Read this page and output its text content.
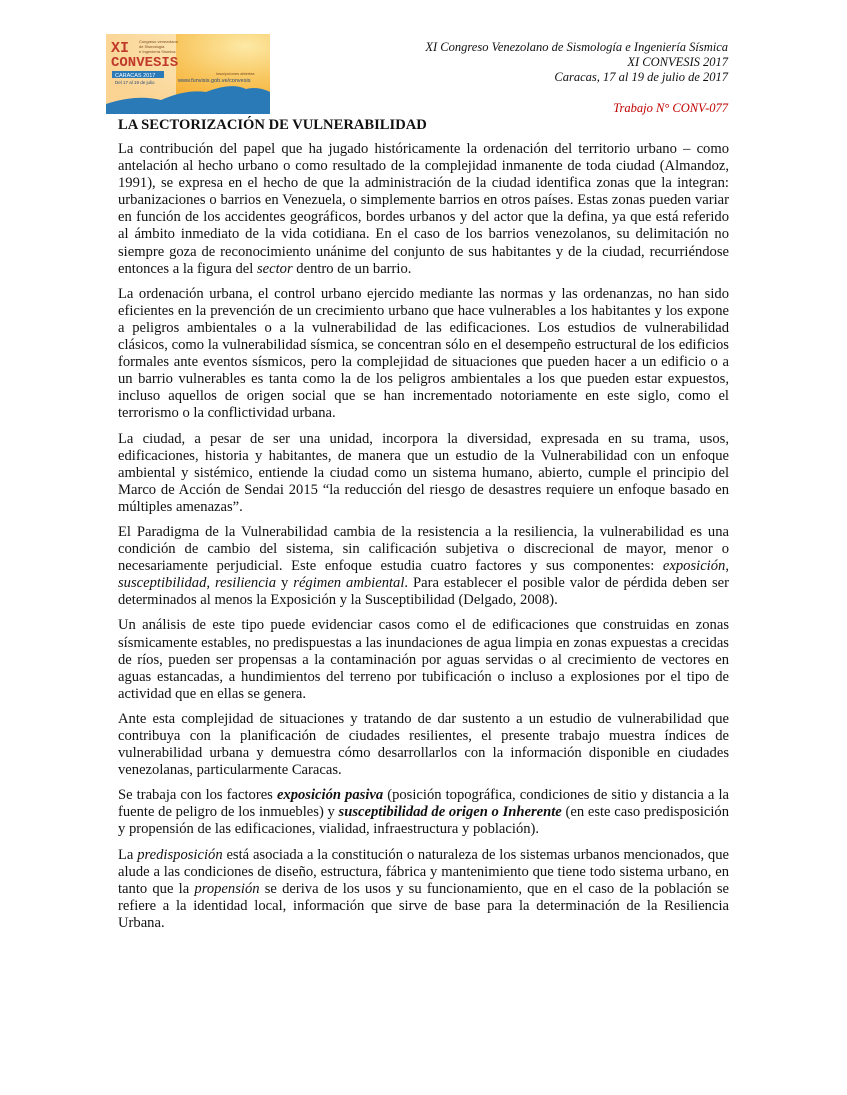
XI
CONVESIS
Congreso venezolano
de Sismología
e Ingeniería Sísmica
CARACAS 2017
Del 17 al 19 de julio
inscripciones abiertas
www.funvisis.gob.ve/convesis
XI Congreso Venezolano de Sismología e Ingeniería Sísmica
XI CONVESIS 2017
Caracas, 17 al 19 de julio de 2017
Trabajo N° CONV-077
LA SECTORIZACIÓN DE VULNERABILIDAD

La contribución del papel que ha jugado históricamente la ordenación del territorio urbano – como antelación al hecho urbano o como resultado de la complejidad inmanente de toda ciudad (Almandoz, 1991), se expresa en el hecho de que la administración de la ciudad identifica zonas que la integran: urbanizaciones o barrios en Venezuela, o simplemente barrios en otros países. Estas zonas pueden variar en función de los accidentes geográficos, bordes urbanos y del actor que la defina, ya que está referido al ámbito inmediato de la vida cotidiana. En el caso de los barrios venezolanos, su delimitación no siempre goza de reconocimiento unánime del conjunto de sus habitantes y de la ciudad, recurriéndose entonces a la figura del sector dentro de un barrio.

La ordenación urbana, el control urbano ejercido mediante las normas y las ordenanzas, no han sido eficientes en la prevención de un crecimiento urbano que hace vulnerables a los habitantes y los expone a peligros ambientales o a la vulnerabilidad de las edificaciones. Los estudios de vulnerabilidad clásicos, como la vulnerabilidad sísmica, se concentran sólo en el desempeño estructural de los edificios formales ante eventos sísmicos, pero la complejidad de situaciones que pueden hacer a un edificio o a un barrio vulnerables es tanta como la de los peligros ambientales a los que pueden estar expuestos, incluso aquellos de origen social que se han incrementado notoriamente en este siglo, como el terrorismo o la conflictividad urbana.

La ciudad, a pesar de ser una unidad, incorpora la diversidad, expresada en su trama, usos, edificaciones, historia y habitantes, de manera que un estudio de la Vulnerabilidad con un enfoque ambiental y sistémico, entiende la ciudad como un sistema humano, abierto, cumple el principio del Marco de Acción de Sendai 2015 “la reducción del riesgo de desastres requiere un enfoque basado en múltiples amenazas”.

El Paradigma de la Vulnerabilidad cambia de la resistencia a la resiliencia, la vulnerabilidad es una condición de cambio del sistema, sin calificación subjetiva o discrecional de mayor, menor o necesariamente perjudicial. Este enfoque estudia cuatro factores y sus componentes: exposición, susceptibilidad, resiliencia y régimen ambiental. Para establecer el posible valor de pérdida deben ser determinados al menos la Exposición y la Susceptibilidad (Delgado, 2008).

Un análisis de este tipo puede evidenciar casos como el de edificaciones que construidas en zonas sísmicamente estables, no predispuestas a las inundaciones de agua limpia en zonas expuestas a crecidas de ríos, pueden ser propensas a la contaminación por aguas servidas o al crecimiento de vectores en aguas estancadas, a hundimientos del terreno por tubificación o incluso a explosiones por el tipo de actividad que en ellas se genera.

Ante esta complejidad de situaciones y tratando de dar sustento a un estudio de vulnerabilidad que contribuya con la planificación de ciudades resilientes, el presente trabajo muestra índices de vulnerabilidad urbana y demuestra cómo desarrollarlos con la información disponible en ciudades venezolanas, particularmente Caracas.

Se trabaja con los factores exposición pasiva (posición topográfica, condiciones de sitio y distancia a la fuente de peligro de los inmuebles) y susceptibilidad de origen o Inherente (en este caso predisposición y propensión de las edificaciones, vialidad, infraestructura y población).

La predisposición está asociada a la constitución o naturaleza de los sistemas urbanos mencionados, que alude a las condiciones de diseño, estructura, fábrica y mantenimiento que tiene todo sistema urbano, en tanto que la propensión se deriva de los usos y su funcionamiento, que en el caso de la población se refiere a la identidad local, información que sirve de base para la determinación de la Resiliencia Urbana.
